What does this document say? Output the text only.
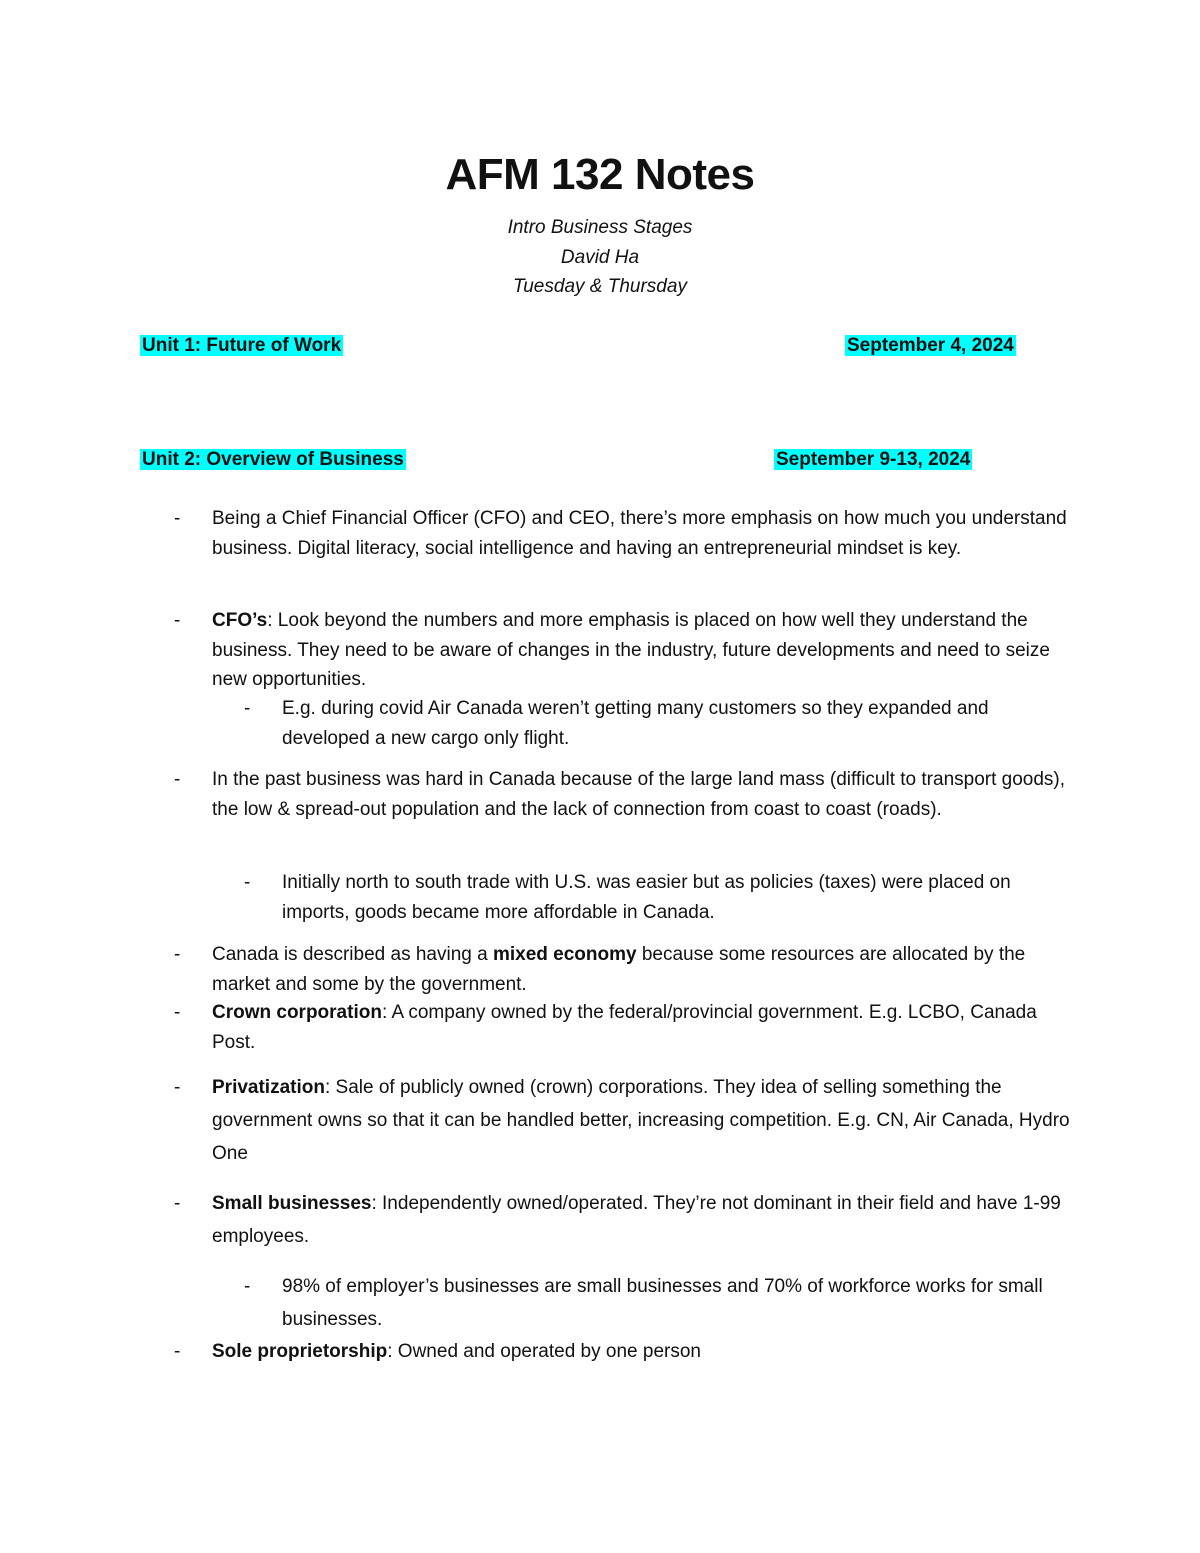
AFM 132 Notes
Intro Business Stages
David Ha
Tuesday & Thursday
Unit 1: Future of Work	September 4, 2024
Unit 2: Overview of Business	September 9-13, 2024
- Being a Chief Financial Officer (CFO) and CEO, there’s more emphasis on how much you understand business. Digital literacy, social intelligence and having an entrepreneurial mindset is key.
- CFO’s: Look beyond the numbers and more emphasis is placed on how well they understand the business. They need to be aware of changes in the industry, future developments and need to seize new opportunities.
- E.g. during covid Air Canada weren’t getting many customers so they expanded and developed a new cargo only flight.
- In the past business was hard in Canada because of the large land mass (difficult to transport goods), the low & spread-out population and the lack of connection from coast to coast (roads).
- Initially north to south trade with U.S. was easier but as policies (taxes) were placed on imports, goods became more affordable in Canada.
- Canada is described as having a mixed economy because some resources are allocated by the market and some by the government.
- Crown corporation: A company owned by the federal/provincial government. E.g. LCBO, Canada Post.
- Privatization: Sale of publicly owned (crown) corporations. They idea of selling something the government owns so that it can be handled better, increasing competition. E.g. CN, Air Canada, Hydro One
- Small businesses: Independently owned/operated. They’re not dominant in their field and have 1-99 employees.
- 98% of employer’s businesses are small businesses and 70% of workforce works for small businesses.
- Sole proprietorship: Owned and operated by one person
